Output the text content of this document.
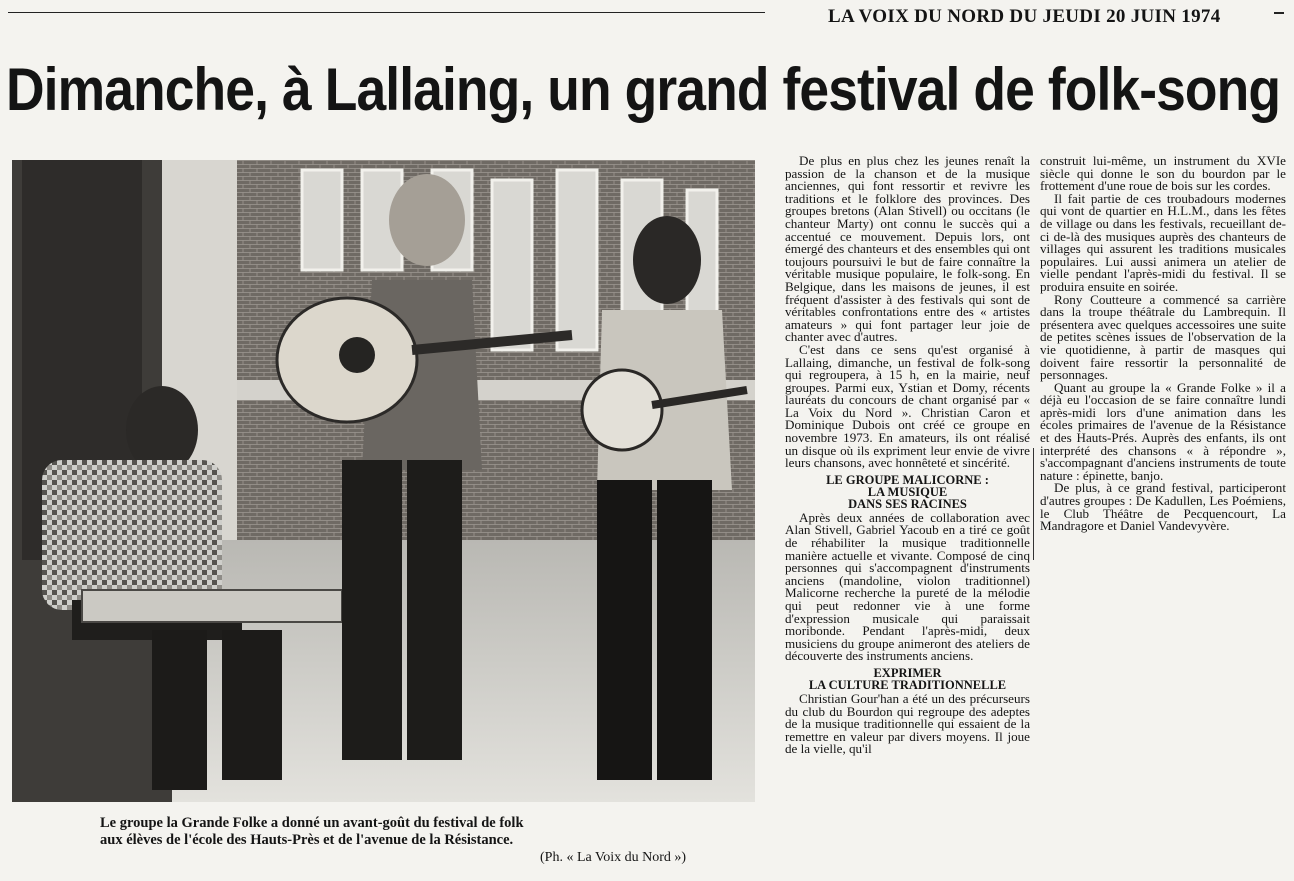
LA VOIX DU NORD DU JEUDI 20 JUIN 1974
Dimanche, à Lallaing, un grand festival de folk-song
Le groupe la Grande Folke a donné un avant-goût du festival de folk
aux élèves de l'école des Hauts-Près et de l'avenue de la Résistance.
(Ph. « La Voix du Nord »)

De plus en plus chez les jeunes renaît la passion de la chanson et de la musique anciennes, qui font ressortir et revivre les traditions et le folklore des provinces. Des groupes bretons (Alan Stivell) ou occitans (le chanteur Marty) ont connu le succès qui a accentué ce mouvement. Depuis lors, ont émergé des chanteurs et des ensembles qui ont toujours poursuivi le but de faire connaître la véritable musique populaire, le folk-song. En Belgique, dans les maisons de jeunes, il est fréquent d'assister à des festivals qui sont de véritables confrontations entre des « artistes amateurs » qui font partager leur joie de chanter avec d'autres.

C'est dans ce sens qu'est organisé à Lallaing, dimanche, un festival de folk-song qui regroupera, à 15 h, en la mairie, neuf groupes. Parmi eux, Ystian et Domy, récents lauréats du concours de chant organisé par « La Voix du Nord ». Christian Caron et Dominique Dubois ont créé ce groupe en novembre 1973. En amateurs, ils ont réalisé un disque où ils expriment leur envie de vivre leurs chansons, avec honnêteté et sincérité.

LE GROUPE MALICORNE :
LA MUSIQUE
DANS SES RACINES

Après deux années de collaboration avec Alan Stivell, Gabriel Yacoub en a tiré ce goût de réhabiliter la musique traditionnelle manière actuelle et vivante. Composé de cinq personnes qui s'accompagnent d'instruments anciens (mandoline, violon traditionnel) Malicorne recherche la pureté de la mélodie qui peut redonner vie à une forme d'expression musicale qui paraissait moribonde. Pendant l'après-midi, deux musiciens du groupe animeront des ateliers de découverte des instruments anciens.

EXPRIMER
LA CULTURE TRADITIONNELLE

Christian Gour'han a été un des précurseurs du club du Bourdon qui regroupe des adeptes de la musique traditionnelle qui essaient de la remettre en valeur par divers moyens. Il joue de la vielle, qu'il

construit lui-même, un instrument du XVIe siècle qui donne le son du bourdon par le frottement d'une roue de bois sur les cordes.

Il fait partie de ces troubadours modernes qui vont de quartier en H.L.M., dans les fêtes de village ou dans les festivals, recueillant de-ci de-là des musiques auprès des chanteurs de villages qui assurent les traditions musicales populaires. Lui aussi animera un atelier de vielle pendant l'après-midi du festival. Il se produira ensuite en soirée.

Rony Coutteure a commencé sa carrière dans la troupe théâtrale du Lambrequin. Il présentera avec quelques accessoires une suite de petites scènes issues de l'observation de la vie quotidienne, à partir de masques qui doivent faire ressortir la personnalité de personnages.

Quant au groupe la « Grande Folke » il a déjà eu l'occasion de se faire connaître lundi après-midi lors d'une animation dans les écoles primaires de l'avenue de la Résistance et des Hauts-Prés. Auprès des enfants, ils ont interprété des chansons « à répondre », s'accompagnant d'anciens instruments de toute nature : épinette, banjo.

De plus, à ce grand festival, participeront d'autres groupes : De Kadullen, Les Poémiens, le Club Théâtre de Pecquencourt, La Mandragore et Daniel Vandevyvère.
